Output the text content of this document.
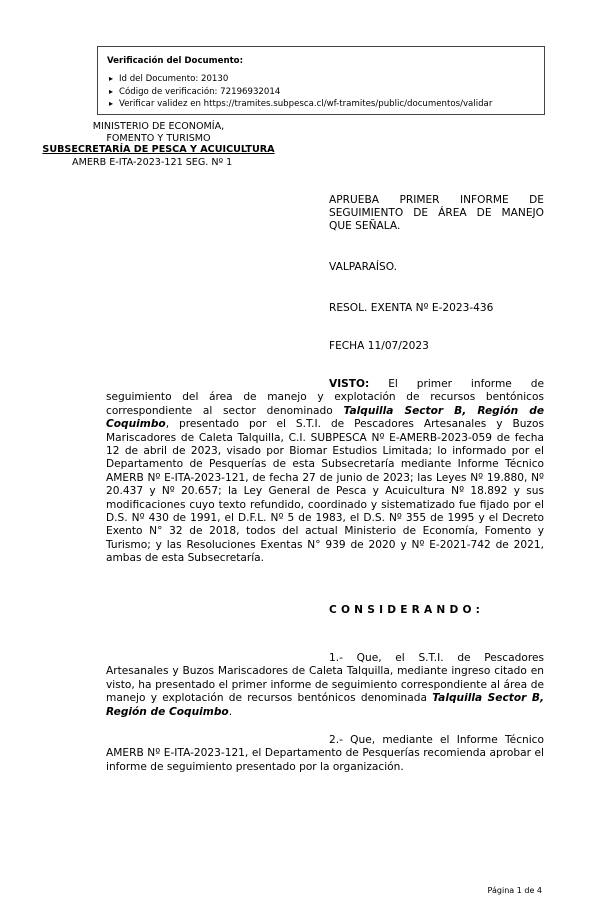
Verificación del Documento:
▸ Id del Documento: 20130
▸ Código de verificación: 72196932014
▸ Verificar validez en https://tramites.subpesca.cl/wf-tramites/public/documentos/validar
MINISTERIO DE ECONOMÍA,
FOMENTO Y TURISMO
SUBSECRETARÍA DE PESCA Y ACUICULTURA
AMERB E-ITA-2023-121 SEG. Nº 1
APRUEBA PRIMER INFORME DE
SEGUIMIENTO DE ÁREA DE MANEJO

QUE SEÑALA.
VALPARAÍSO.
RESOL. EXENTA Nº E-2023-436
FECHA 11/07/2023
VISTO: El primer informe de seguimiento del área de manejo y explotación de recursos bentónicos correspondiente al sector denominado Talquilla Sector B, Región de Coquimbo, presentado por el S.T.I. de Pescadores Artesanales y Buzos Mariscadores de Caleta Talquilla, C.I. SUBPESCA Nº E-AMERB-2023-059 de fecha 12 de abril de 2023, visado por Biomar Estudios Limitada; lo informado por el Departamento de Pesquerías de esta Subsecretaría mediante Informe Técnico AMERB Nº E-ITA-2023-121, de fecha 27 de junio de 2023; las Leyes Nº 19.880, Nº 20.437 y Nº 20.657; la Ley General de Pesca y Acuicultura Nº 18.892 y sus modificaciones cuyo texto refundido, coordinado y sistematizado fue fijado por el D.S. Nº 430 de 1991, el D.F.L. Nº 5 de 1983, el D.S. Nº 355 de 1995 y el Decreto Exento N° 32 de 2018, todos del actual Ministerio de Economía, Fomento y Turismo; y las Resoluciones Exentas N° 939 de 2020 y Nº E-2021-742 de 2021, ambas de esta Subsecretaría.
CONSIDERANDO:
1.- Que, el S.T.I. de Pescadores Artesanales y Buzos Mariscadores de Caleta Talquilla, mediante ingreso citado en visto, ha presentado el primer informe de seguimiento correspondiente al área de manejo y explotación de recursos bentónicos denominada Talquilla Sector B, Región de Coquimbo.
2.- Que, mediante el Informe Técnico AMERB Nº E-ITA-2023-121, el Departamento de Pesquerías recomienda aprobar el informe de seguimiento presentado por la organización.
Página 1 de 4
